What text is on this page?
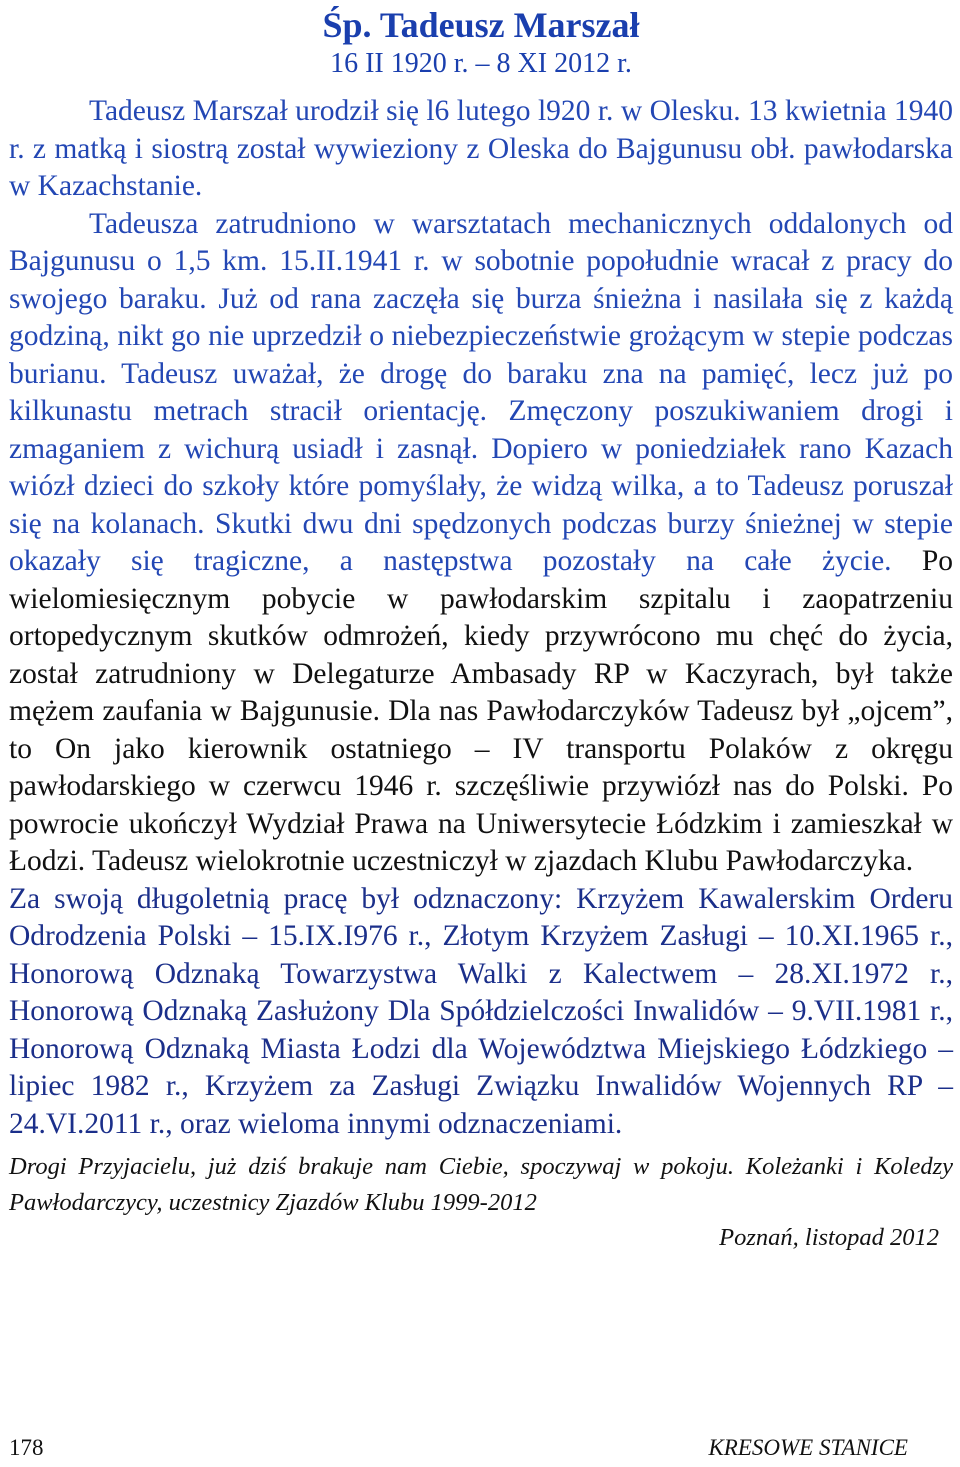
Śp. Tadeusz Marszał
16 II 1920 r. – 8 XI 2012 r.

Tadeusz Marszał urodził się l6 lutego l920 r. w Olesku. 13 kwietnia 1940 r. z matką i siostrą został wywieziony z Oleska do Bajgunusu obł. pawłodarska w Kazachstanie.
Tadeusza zatrudniono w warsztatach mechanicznych oddalonych od Bajgunusu o 1,5 km. 15.II.1941 r. w sobotnie popołudnie wracał z pracy do swojego baraku. Już od rana zaczęła się burza śnieżna i nasilała się z każdą godziną, nikt go nie uprzedził o niebezpieczeństwie grożącym w stepie podczas burianu. Tadeusz uważał, że drogę do baraku zna na pamięć, lecz już po kilkunastu metrach stracił orientację. Zmęczony poszukiwaniem drogi i zmaganiem z wichurą usiadł i zasnął. Dopiero w poniedziałek rano Kazach wiózł dzieci do szkoły które pomyślały, że widzą wilka, a to Tadeusz poruszał się na kolanach. Skutki dwu dni spędzonych podczas burzy śnieżnej w stepie okazały się tragiczne, a następstwa pozostały na całe życie. Po wielomiesięcznym pobycie w pawłodarskim szpitalu i zaopatrzeniu ortopedycznym skutków odmrożeń, kiedy przywrócono mu chęć do życia, został zatrudniony w Delegaturze Ambasady RP w Kaczyrach, był także mężem zaufania w Bajgunusie. Dla nas Pawłodarczyków Tadeusz był „ojcem”, to On jako kierownik ostatniego – IV transportu Polaków z okręgu pawłodarskiego w czerwcu 1946 r. szczęśliwie przywiózł nas do Polski. Po powrocie ukończył Wydział Prawa na Uniwersytecie Łódzkim i zamieszkał w Łodzi. Tadeusz wielokrotnie uczestniczył w zjazdach Klubu Pawłodarczyka.

Za swoją długoletnią pracę był odznaczony: Krzyżem Kawalerskim Orderu Odrodzenia Polski – 15.IX.I976 r., Złotym Krzyżem Zasługi – 10.XI.1965 r., Honorową Odznaką Towarzystwa Walki z Kalectwem – 28.XI.1972 r., Honorową Odznaką Zasłużony Dla Spółdzielczości Inwalidów – 9.VII.1981 r., Honorową Odznaką Miasta Łodzi dla Województwa Miejskiego Łódzkiego – lipiec 1982 r., Krzyżem za Zasługi Związku Inwalidów Wojennych RP – 24.VI.2011 r., oraz wieloma innymi odznaczeniami.

Drogi Przyjacielu, już dziś brakuje nam Ciebie, spoczywaj w pokoju. Koleżanki i Koledzy Pawłodarczycy, uczestnicy Zjazdów Klubu 1999-2012

Poznań, listopad 2012

178	KRESOWE STANICE
